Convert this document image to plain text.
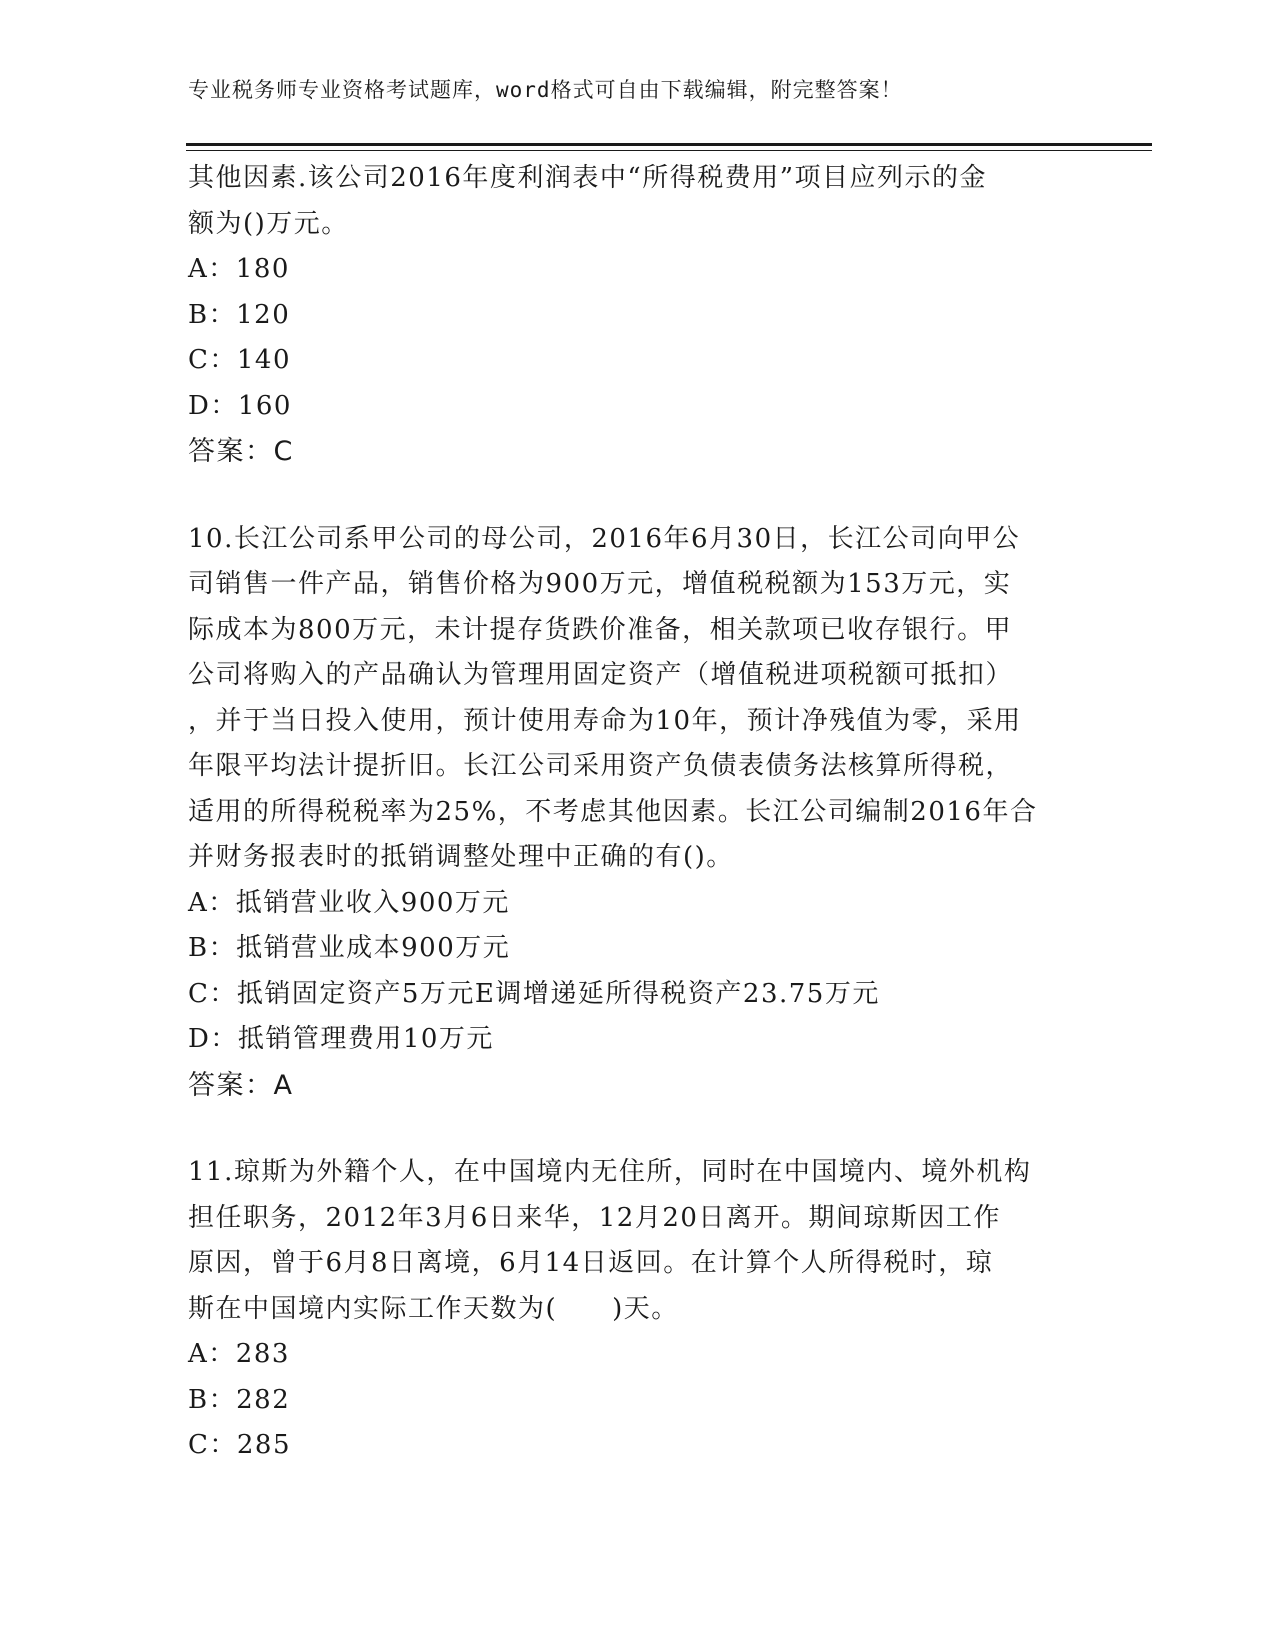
专业税务师专业资格考试题库，word格式可自由下载编辑，附完整答案！
其他因素.该公司2016年度利润表中“所得税费用”项目应列示的金
额为()万元。
A：180
B：120
C：140
D：160
答案：C
10.长江公司系甲公司的母公司，2016年6月30日，长江公司向甲公
司销售一件产品，销售价格为900万元，增值税税额为153万元，实
际成本为800万元，未计提存货跌价准备，相关款项已收存银行。甲
公司将购入的产品确认为管理用固定资产（增值税进项税额可抵扣）
，并于当日投入使用，预计使用寿命为10年，预计净残值为零，采用
年限平均法计提折旧。长江公司采用资产负债表债务法核算所得税，
适用的所得税税率为25%，不考虑其他因素。长江公司编制2016年合
并财务报表时的抵销调整处理中正确的有()。
A：抵销营业收入900万元
B：抵销营业成本900万元
C：抵销固定资产5万元E调增递延所得税资产23.75万元
D：抵销管理费用10万元
答案：A
11.琼斯为外籍个人，在中国境内无住所，同时在中国境内、境外机构
担任职务，2012年3月6日来华，12月20日离开。期间琼斯因工作
原因，曾于6月8日离境，6月14日返回。在计算个人所得税时，琼
斯在中国境内实际工作天数为(　　)天。
A：283
B：282
C：285
